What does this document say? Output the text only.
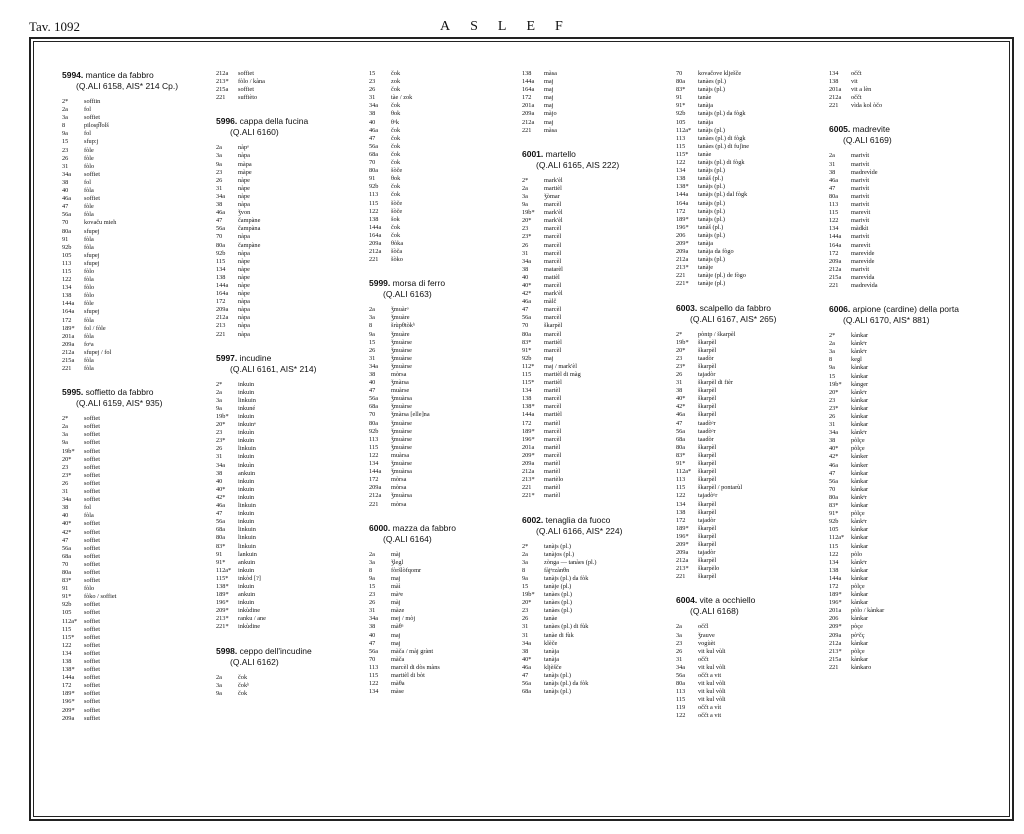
Tav. 1092	ASLEF
5994. mantice da fabbro
(Q.ALI 6158, AIS* 214 Cp.)
2* soffiin
2a	fol
3a	soffiet
8	pilosp͡folš
9a	fol
15 sfup:j
23 fòle
26 fòle
31 fòlo
34a soffiet
38 fol
40 fòla
46a soffiet
47 fòle
56a fòla
70 kovaču mieh
80a sfupej
91 fòla
92b fòla
105 sfupej
113 sfupej
115 fòlo
122 fòla
134 fòlo
138 fòlo
144a fòle
164a sfupej
172 fòla
189* fol / fòle
201a fòla
209a foᵉa
212a sfupej / fol
215a fòla
221 fòla
5995. soffietto da fabbro
(Q.ALI 6159, AIS* 935)
2* soffiet
2a	soffiet
3a	soffiet
9a	soffiet
19b* soffiet
20* soffiet
23 soffiet
23* soffiet
26 soffiet
31 soffiet
34a soffiet
38 fol
40 fòla
40* soffiet
42* soffiet
47 soffiet
56a soffiet
68a soffiet
70 soffiet
80a soffiet
83* soffiet
91 fòlo
91* fòko / soffiet
92b soffiet
105 soffiet
112a* soffiet
115 soffiet
115* soffiet
122 soffiet
134 soffiet
138 soffiet
138* soffiet
144a soffiet
172 soffiet
189* soffiet
196* soffiet
209* soffiet
209a suffiet
212a soffiet
213* fòlo / kàna
215a soffiet
221 suffièto
5996. cappa della fucina
(Q.ALI 6160)
2a	nàpᵒ
3a	nàpa
9a	màpa
23 màpe
26 nàpe
31 nàpe
34a nàpe
38 nàpa
46a ǯvon
47 čampàne
56a čampàna
70 nàpa
80a čampàne
92b nàpa
115 nàpe
134 nàpe
138 nàpe
144a nàpe
164a nàpe
172 nàpa
209a nàpa
212a nàpa
213 nàpa
221 nàpa
5997. incudine
(Q.ALI 6161, AIS* 214)
2* inkuin
2a	inkuin
3a	linkuin
9a	inkuné
19b* inkuin
20* inkuinᵉ
23 inkuìn
23* inkuin
26 linkuin
31 inkuin
34a inkuìn
38 ankuin
40 inkuin
40* inkuin
42* inkuin
46a linkuin
47 inkuin
56a inkuin
68a linkuin
80a linkuin
83* linkuin
91 lankuin
91* ankuin
112a* inkuin
115* inkòd [?]
138* inkuin
189* ankuin
196* inkuin
209* inkùdine
213* ranku / ane
221* inkùdine
5998. ceppo dell'incudine
(Q.ALI 6162)
2a	čok
3a	čokʰ
9a	čok
15 čok
23 zok
26 čok
31 tàe / zok
34a čok
38 θok
40 θᵒk
46a čok
47 čok
56a čok
68a čok
70 čok
80a šòče
91 θok
92b čok
113 čok
115 šòče
122 šòče
138 šok
144a čok
164a čok
209a θòka
212a šòča
221 šòko
5999. morsa di ferro
(Q.ALI 6163)
2a	ǯmuàrᵒ
3a	ǯmuàre
8	šrùpθtòkʰ
9a	ǯmuàre
15 ǯmuàrse
26 ǯmuàrse
31 ǯmuàrse
34a ǯmuàrse
38 mòrsa
40 ǯmàrsa
47 muàrse
56a ǯmuàrsa
68a ǯmuàrse
70 ǯmàrsa [elle]na
80a ǯmuàrse
92b ǯmuàrse
113 ǯmuàrse
115 ǯmuàrse
122 muàrsa
134 ǯmuàrse
144a ǯmuàrsa
172 mòrsa
209a mòrsa
212a ǯmuàrsa
221 mòrsa
6000. mazza da fabbro
(Q.ALI 6164)
2a	màj
3a	ǯlegl
8	fòršlòfqomr
9a	maj
15 màì
23 màᵉe
26 màj
31 màze
34a mej / mòj
38 màθᵃ
40 maj
47 maj
56a màča / màj grànt
70 màča
113 marcèl di dòs màns
115 martièl di bòt
122 màθa
134 màse
138 màsa
144a maj
164a maj
172 maj
201a maj
209a màjo
212a maj
221 màsa
6001. martello
(Q.ALI 6165, AIS 222)
2* mark'èl
2a	martièl
3a	ǯòmar
9a	marcèl
19b* mark'èl
20* mark'èl
23 marcèl
23* marcèl
26 marcèl
31 marcèl
34a marcèl
38 matarèl
40 matièl
40* marcèl
42* mark'èl
46a màlč
47 marcèl
56a marcèl
70 škarpèl
80a marcèl
83* martièl
91* marcèl
92b maj
112* maj / mark'èl
115 martièl di màg
115* martièl
134 martèl
138 marcèl
138* marcèl
144a martièl
172 martèl
189* marcèl
196* marcèl
201a martèl
209* marcèl
209a martèl
212a martèl
213* martèlo
221 martèl
221* martèl
6002. tenaglia da fuoco
(Q.ALI 6166, AIS* 224)
2* tanàjs (pl.)
2a	tanàjos (pl.)
3a	zònga — tanàes (pl.)
8	fàjᵉrzànθn
9a	tanàjs (pl.) da fòk
15 tanàje (pl.)
19b* tanàes (pl.)
20* tanàes (pl.)
23 tanàes (pl.)
26 tanàe
31 tanàes (pl.) di fùk
31 tanàe di fùk
34a klèče
38 tanàja
40* tanàja
46a kljèšče
47 tanàjs (pl.)
56a tanàjs (pl.) da fòk
68a tanàjs (pl.)
70 kovačove klješče
80a tanàes (pl.)
83* tanàjs (pl.)
91 tanàe
91* tanàja
92b tanàjs (pl.) da fògk
105 tanàja
112a* tanàjs (pl.)
113 tanàes (pl.) di fògk
115 tanàes (pl.) di fuʃine
115* tanàe
122 tanàjs (pl.) di fògk
134 tanàjs (pl.)
138 tanàš (pl.)
138* tanàjs (pl.)
144a tanàjs (pl.) dal fògk
164a tanàjs (pl.)
172 tanàjs (pl.)
189* tanàjs (pl.)
196* tanàš (pl.)
206 tanàjs (pl.)
209* tanàja
209a tanàja da fògo
212a tanàjs (pl.)
213* tanàje
221 tanàje (pl.) de fògo
221* tanàje (pl.)
6003. scalpello da fabbro
(Q.ALI 6167, AIS* 265)
2* pòntp / škarpèl
19b* škarpèl
20* škarpèl
23 taadòr
23* škarpèl
26 tajadòr
31 škarpèl di fièr
38 škarpèl
40* škarpèl
42* škarpèl
46a škarpèl
47 taadòᵒr
56a taadòᵒr
68a taadòr
80a škarpèl
83* škarpèl
91* škarpèl
112a* škarpèl
113 škarpèl
115 škarpèl / pontarùl
122 tajadòᵒr
134 škarpèl
138 škarpèl
172 tajadòr
189* škarpèl
196* škarpèl
209* škarpèl
209a tajadòr
212a škarpèl
213* škarpèlo
221 škarpèl
6004. vite a occhiello
(Q.ALI 6168)
2a	oččl
3a	ǯrauve
23 vogùèt
26 vit kul vùli
31 oččt
34a vit kul vòli
56a oččt a vit
80a vit kul vòli
113 vit kul vòli
115 vit kul vòli
119 oččt a vìt
122 oččt a vit
134 oččt
138 vit
201a vit a lèn
212a oččt
221 vìda kol òčo
6005. madrevite
(Q.ALI 6169)
2a	marivìt
31 marivìt
38 madrevìde
46a marivìt
47 marivìt
80a marivìt
113 marivìt
115 marevìt
122 marivìt
134 màdkìi
144a marivìt
164a marevìt
172 marevìde
209a marevìde
212a marivìt
215a marevìda
221 madrevìda
6006. arpione (cardine) della porta
(Q.ALI 6170, AIS* 881)
2* kànkar
2a	kànkᵉr
3a	kànkᵉr
8	kegl
9a	kànkar
15 kànkar
19b* kànger
20* kànkᵉr
23 kànkar
23* kànkar
26 kànkar
31 kànkar
34a kànkᵉr
38 pòlçe
40* pòlçe
42* kànker
46a kànker
47 kànkar
56a kànkar
70 kànkar
80a kànkᵉr
83* kànkar
91* pòlçe
92b kànkᵉr
105 kànkar
112a* kànkar
115 kànkar
122 pòlo
134 kànkᵉr
138 kànkar
144a kànkar
172 pòlçe
189* kànkar
196* kànkar
201a pòlo / kànkar
206 kànkar
209* pòçe
209a pòᵉčç
212a kànkar
213* pòlçe
215a kànkar
221 kànkaro
